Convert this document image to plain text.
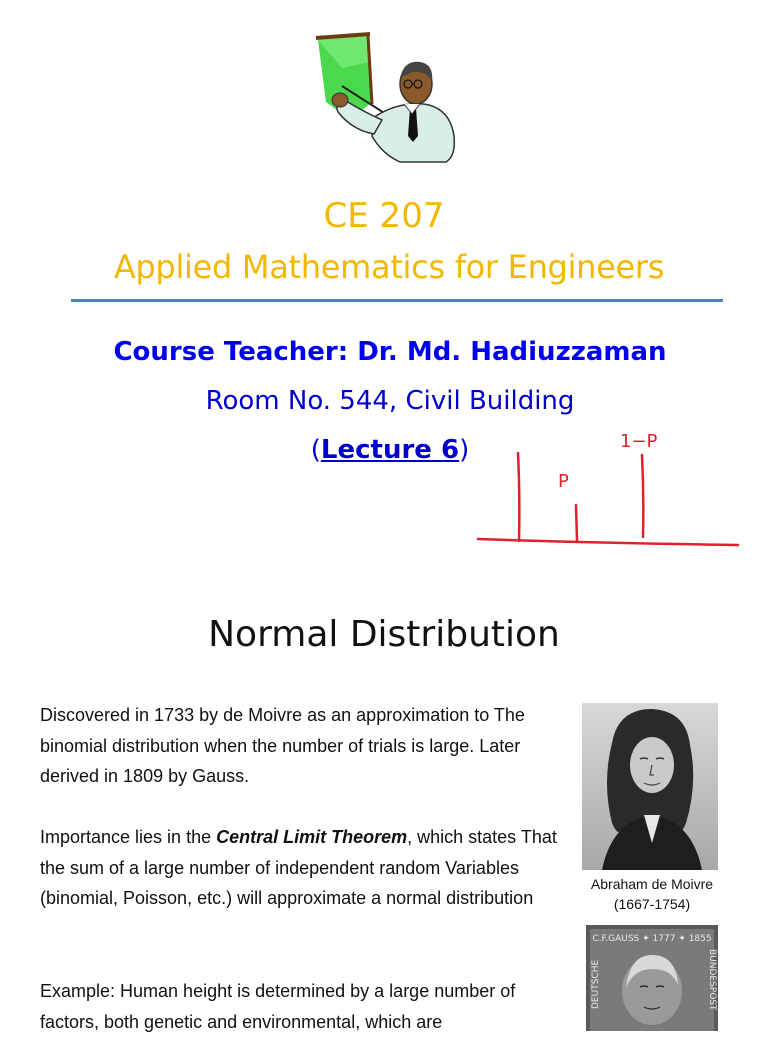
CE 207
Applied Mathematics for Engineers
Course Teacher: Dr. Md. Hadiuzzaman
Room No. 544, Civil Building
(Lecture 6)
P
1−P
Normal Distribution
Discovered in 1733 by de Moivre as an approximation to The binomial distribution when the number of trials is large. Later derived in 1809 by Gauss.
Importance lies in the Central Limit Theorem, which states That the sum of a large number of independent random Variables (binomial, Poisson, etc.) will approximate a normal distribution
Example: Human height is determined by a large number of factors, both genetic and environmental, which are
Abraham de Moivre
(1667-1754)
C.F.GAUSS ✦ 1777 ✦ 1855
DEUTSCHE	BUNDESPOST
